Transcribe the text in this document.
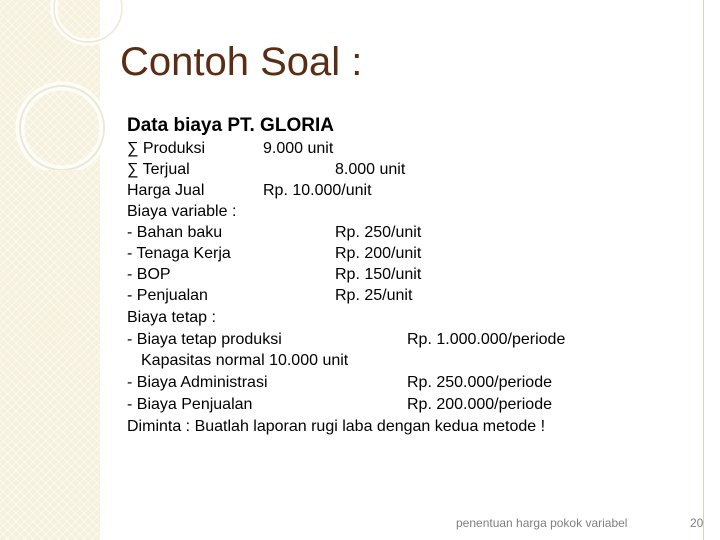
Contoh Soal :
Data biaya PT. GLORIA
∑ Produksi	9.000 unit
∑ Terjual	8.000 unit
Harga Jual	Rp. 10.000/unit
Biaya variable :
- Bahan baku	Rp. 250/unit
- Tenaga Kerja	Rp. 200/unit
- BOP	Rp. 150/unit
- Penjualan	Rp. 25/unit
Biaya tetap :
- Biaya tetap produksi	Rp. 1.000.000/periode
Kapasitas normal 10.000 unit
- Biaya Administrasi	Rp. 250.000/periode
- Biaya Penjualan	Rp. 200.000/periode
Diminta : Buatlah laporan rugi laba dengan kedua metode !
penentuan harga pokok variabel	20
